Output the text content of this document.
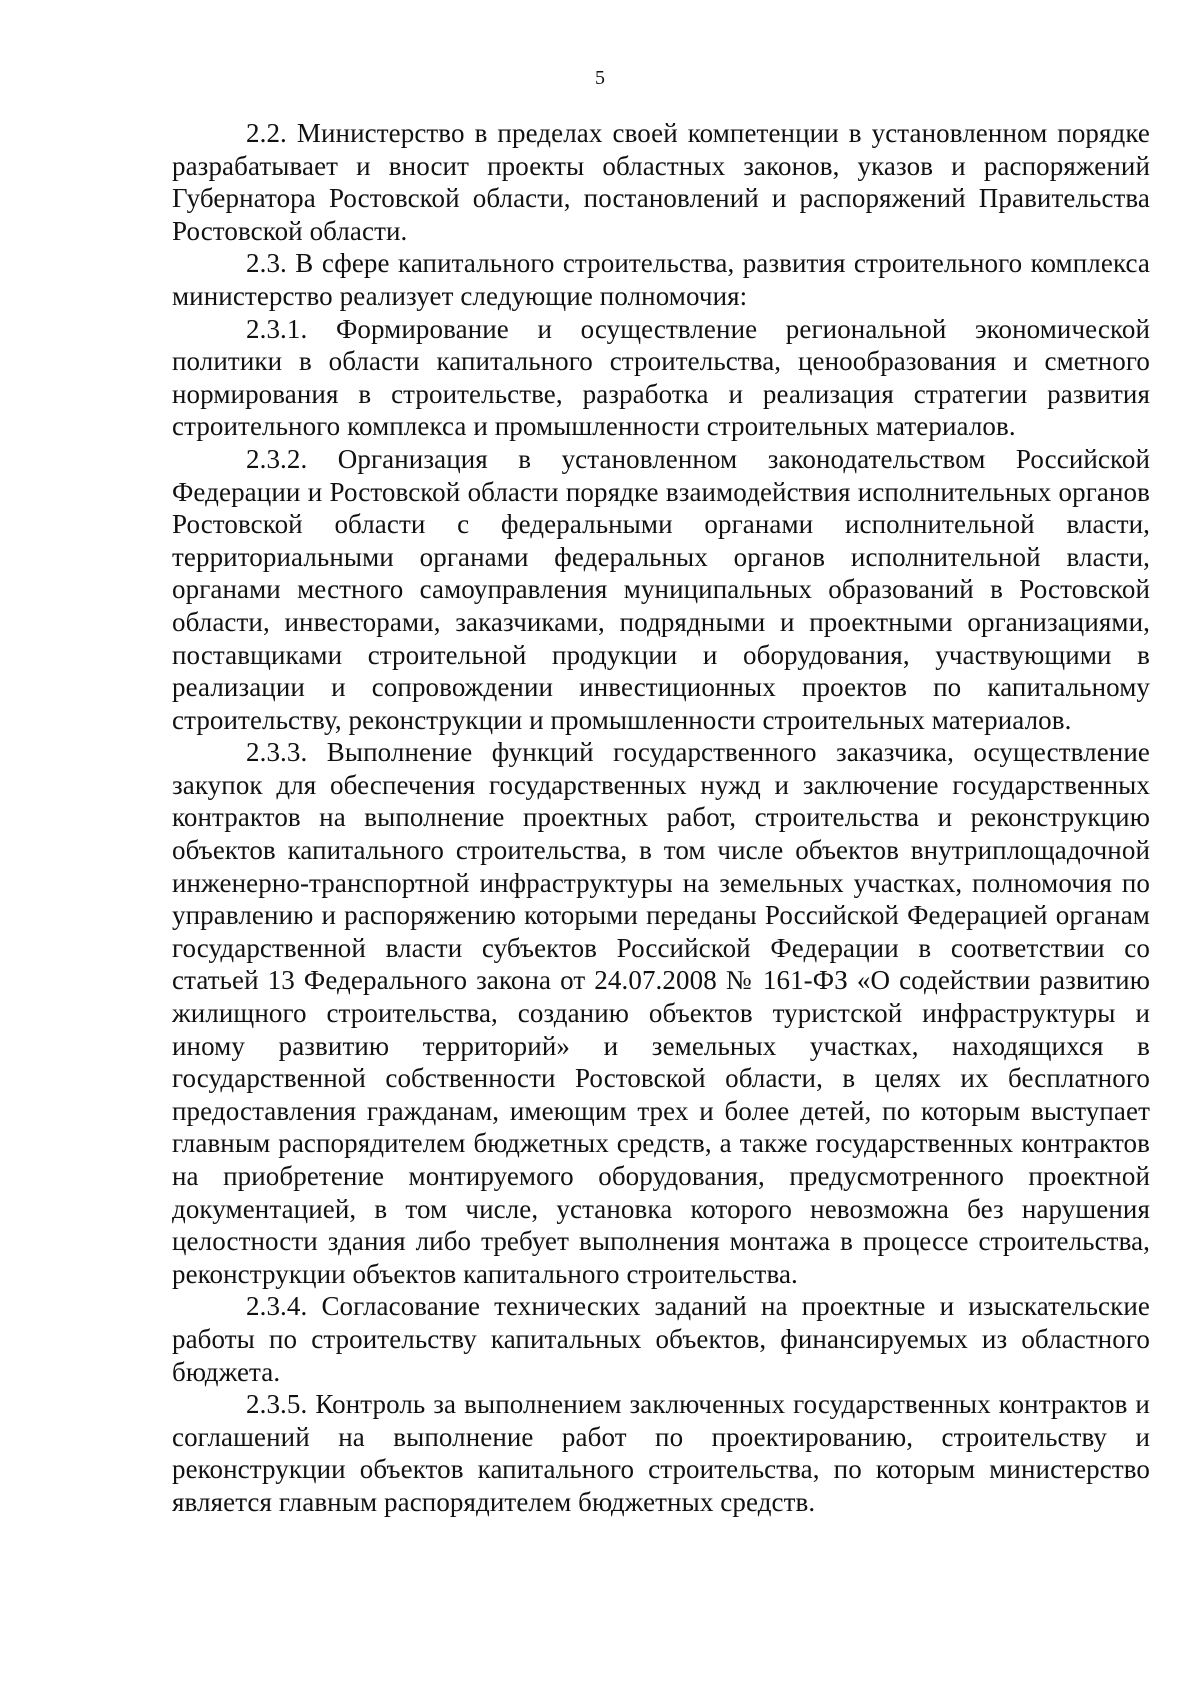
5

2.2. Министерство в пределах своей компетенции в установленном порядке разрабатывает и вносит проекты областных законов, указов и распоряжений Губернатора Ростовской области, постановлений и распоряжений Правительства Ростовской области.

2.3. В сфере капитального строительства, развития строительного комплекса министерство реализует следующие полномочия:

2.3.1. Формирование и осуществление региональной экономической политики в области капитального строительства, ценообразования и сметного нормирования в строительстве, разработка и реализация стратегии развития строительного комплекса и промышленности строительных материалов.

2.3.2. Организация в установленном законодательством Российской Федерации и Ростовской области порядке взаимодействия исполнительных органов Ростовской области с федеральными органами исполнительной власти, территориальными органами федеральных органов исполнительной власти, органами местного самоуправления муниципальных образований в Ростовской области, инвесторами, заказчиками, подрядными и проектными организациями, поставщиками строительной продукции и оборудования, участвующими в реализации и сопровождении инвестиционных проектов по капитальному строительству, реконструкции и промышленности строительных материалов.

2.3.3. Выполнение функций государственного заказчика, осуществление закупок для обеспечения государственных нужд и заключение государственных контрактов на выполнение проектных работ, строительства и реконструкцию объектов капитального строительства, в том числе объектов внутриплощадочной инженерно-транспортной инфраструктуры на земельных участках, полномочия по управлению и распоряжению которыми переданы Российской Федерацией органам государственной власти субъектов Российской Федерации в соответствии со статьей 13 Федерального закона от 24.07.2008 № 161-ФЗ «О содействии развитию жилищного строительства, созданию объектов туристской инфраструктуры и иному развитию территорий» и земельных участках, находящихся в государственной собственности Ростовской области, в целях их бесплатного предоставления гражданам, имеющим трех и более детей, по которым выступает главным распорядителем бюджетных средств, а также государственных контрактов на приобретение монтируемого оборудования, предусмотренного проектной документацией, в том числе, установка которого невозможна без нарушения целостности здания либо требует выполнения монтажа в процессе строительства, реконструкции объектов капитального строительства.

2.3.4. Согласование технических заданий на проектные и изыскательские работы по строительству капитальных объектов, финансируемых из областного бюджета.

2.3.5. Контроль за выполнением заключенных государственных контрактов и соглашений на выполнение работ по проектированию, строительству и реконструкции объектов капитального строительства, по которым министерство является главным распорядителем бюджетных средств.
